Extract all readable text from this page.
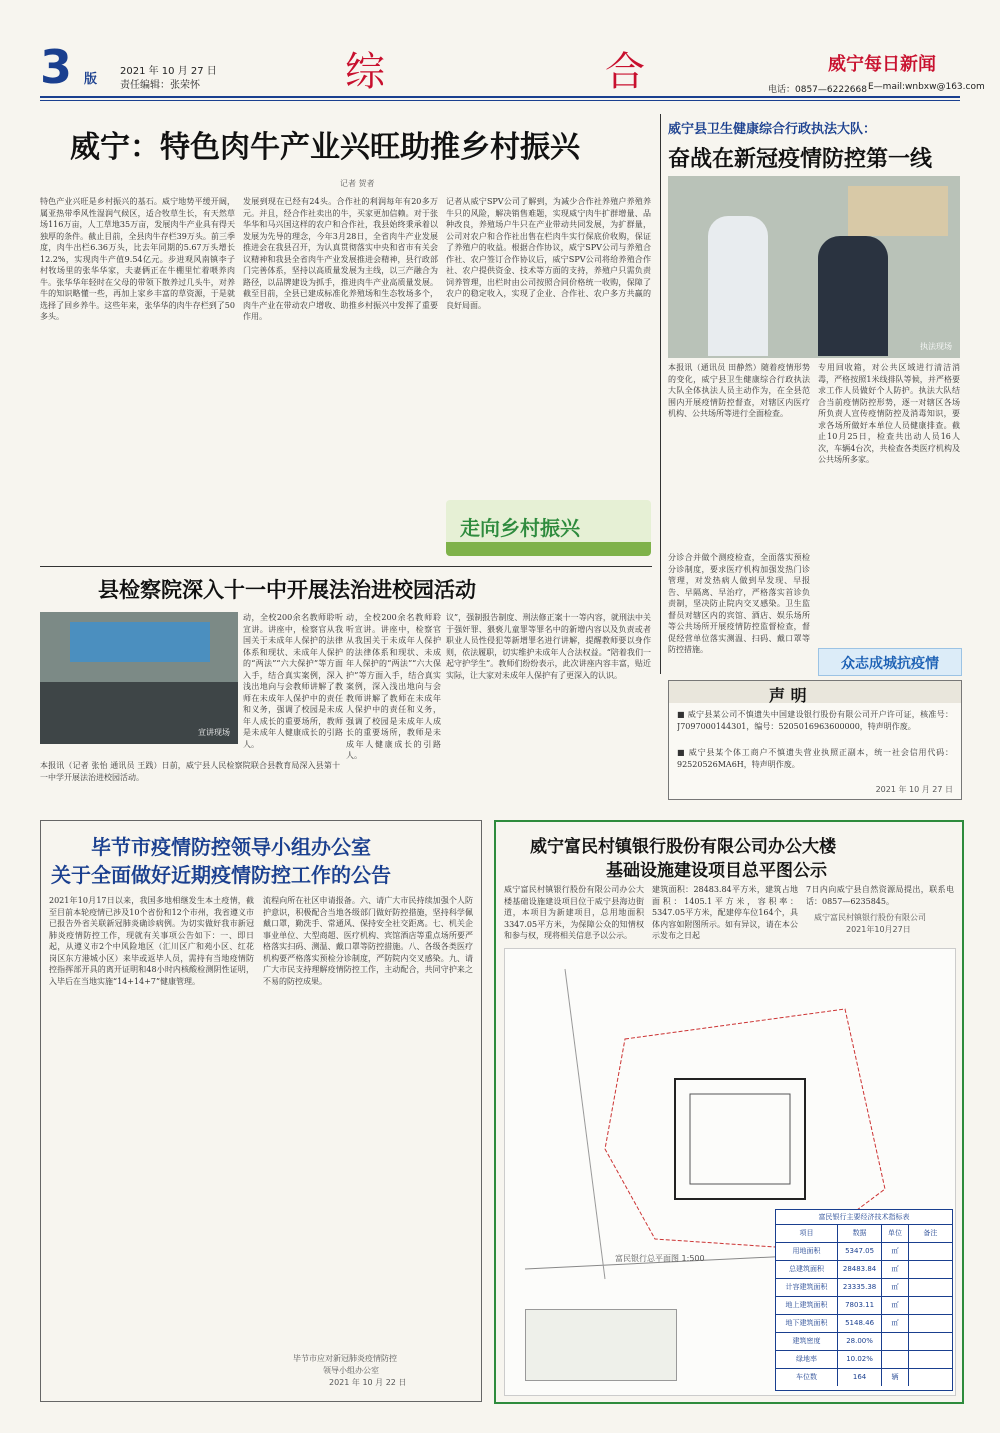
3 版
2021 年 10 月 27 日
责任编辑：张荣怀	综	合	威宁每日新闻
电话：0857—6222668 E—mail:wnbxw@163.com
威宁：特色肉牛产业兴旺助推乡村振兴
记者 贺者
特色产业兴旺是乡村振兴的基石。威宁地势平缓开阔，属亚热带季风性湿润气候区，适合牧草生长，有天然草场116万亩，人工草地35万亩，发展肉牛产业具有得天独厚的条件。截止目前，全县肉牛存栏39万头。前三季度，肉牛出栏6.36万头，比去年同期的5.67万头增长12.2%，实现肉牛产值9.54亿元。步进观风南镇李子村牧场里的张华华家，夫妻俩正在牛棚里忙着喂养肉牛。张华华年轻时在父母的带领下散养过几头牛，对养牛的知识略懂一些，再加上家乡丰富的草资源，于是就选择了回乡养牛。这些年来，张华华的肉牛存栏到了50多头。
发展到现在已经有24头。合作社的利润每年有20多万元。并且，经合作社卖出的牛，买家更加信赖。对于张华华和马兴国这样的农户和合作社，我县始终秉承着以发展为先导的理念，今年3月28日，全省肉牛产业发展推进会在我县召开，为认真贯彻落实中央和省市有关会议精神和我县全省肉牛产业发展推进会精神，县行政部门完善体系，坚持以高质量发展为主线，以三产融合为路径，以品牌建设为抓手，推进肉牛产业高质量发展。截至目前，全县已建成标准化养殖场和生态牧场多个，肉牛产业在带动农户增收、助推乡村振兴中发挥了重要作用。
记者从威宁SPV公司了解到，为减少合作社养殖户养殖养牛只的风险，解决销售难题，实现威宁肉牛扩群增量、品种改良，养殖场户牛只在产业带动共同发展，为扩群量，公司对农户和合作社出售在栏肉牛实行保底价收购，保证了养殖户的收益。根据合作协议，威宁SPV公司与养殖合作社、农户签订合作协议后，威宁SPV公司将给养殖合作社、农户提供资金、技术等方面的支持，养殖户只需负责饲养管理，出栏时由公司按照合同价格统一收购，保障了农户的稳定收入，实现了企业、合作社、农户多方共赢的良好局面。
走向乡村振兴
威宁县卫生健康综合行政执法大队：
奋战在新冠疫情防控第一线
执法现场
本报讯（通讯员 田静然）随着疫情形势的变化，威宁县卫生健康综合行政执法大队全体执法人员主动作为，在全县范围内开展疫情防控督查，对辖区内医疗机构、公共场所等进行全面检查。
分诊合并做个测疫检查，全面落实预检分诊制度，要求医疗机构加强发热门诊管理，对发热病人做到早发现、早报告、早隔离、早治疗，严格落实首诊负责制，坚决防止院内交叉感染。卫生监督员对辖区内的宾馆、酒店、娱乐场所等公共场所开展疫情防控监督检查，督促经营单位落实测温、扫码、戴口罩等防控措施。
专用回收箱，对公共区域进行清洁消毒，严格按照1米线排队等候，并严格要求工作人员做好个人防护。执法大队结合当前疫情防控形势，逐一对辖区各场所负责人宣传疫情防控及消毒知识，要求各场所做好本单位人员健康排查。截止10月25日，检查共出动人员16人次，车辆4台次，共检查各类医疗机构及公共场所多家。
众志成城抗疫情
县检察院深入十一中开展法治进校园活动
宣讲现场
本报讯（记者 张怡 通讯员 王践）日前，威宁县人民检察院联合县教育局深入县第十一中学开展法治进校园活动。
动，全校200余名教师聆听宣讲。讲座中，检察官从我国关于未成年人保护的法律体系和现状、未成年人保护的“两法”“六大保护”等方面入手，结合真实案例，深入浅出地向与会教师讲解了教师在未成年人保护中的责任和义务，强调了校园是未成年人成长的重要场所，教师是未成年人健康成长的引路人。
动，全校200余名教师聆听宣讲。讲座中，检察官从我国关于未成年人保护的法律体系和现状、未成年人保护的“两法”“六大保护”等方面入手，结合真实案例，深入浅出地向与会教师讲解了教师在未成年人保护中的责任和义务，强调了校园是未成年人成长的重要场所，教师是未成年人健康成长的引路人。
议”，强制报告制度、刑法修正案十一等内容，就刑法中关于强奸罪、猥亵儿童罪等罪名中的新增内容以及负责或者职业人员性侵犯等新增罪名进行讲解，提醒教师要以身作则，依法履职，切实维护未成年人合法权益。“陪着我们一起守护学生”。教师们纷纷表示，此次讲座内容丰富，贴近实际，让大家对未成年人保护有了更深入的认识。
声 明
■ 威宁县某公司不慎遗失中国建设银行股份有限公司开户许可证，核准号：J7097000144301，编号：5205016963600000，特声明作废。
■ 威宁县某个体工商户不慎遗失营业执照正副本，统一社会信用代码：92520526MA6H，特声明作废。
2021 年 10 月 27 日
毕节市疫情防控领导小组办公室
关于全面做好近期疫情防控工作的公告
2021年10月17日以来，我国多地相继发生本土疫情，截至目前本轮疫情已涉及10个省份和12个市州，我省遵义市已报告外省关联新冠肺炎确诊病例。为切实做好我市新冠肺炎疫情防控工作，现就有关事项公告如下：一、即日起，从遵义市2个中风险地区（汇川区广和苑小区、红花岗区东方港城小区）来毕或返毕人员，需持有当地疫情防控指挥部开具的离开证明和48小时内核酸检测阴性证明，入毕后在当地实施“14+14+7”健康管理。
流程向所在社区申请报备。六、请广大市民持续加强个人防护意识，积极配合当地各级部门做好防控措施，坚持科学佩戴口罩，勤洗手、常通风、保持安全社交距离。七、机关企事业单位、大型商超、医疗机构、宾馆酒店等重点场所要严格落实扫码、测温、戴口罩等防控措施。八、各级各类医疗机构要严格落实预检分诊制度，严防院内交叉感染。九、请广大市民支持理解疫情防控工作，主动配合，共同守护来之不易的防控成果。
毕节市应对新冠肺炎疫情防控
领导小组办公室
2021 年 10 月 22 日
威宁富民村镇银行股份有限公司办公大楼
基础设施建设项目总平图公示
威宁富民村镇银行股份有限公司办公大楼基础设施建设项目位于威宁县海边街道，本项目为新建项目，总用地面积3347.05平方米，为保障公众的知情权和参与权，现将相关信息予以公示。
建筑面积：28483.84平方米，建筑占地面积：1405.1平方米，容积率：5347.05平方米，配建停车位164个，具体内容如附图所示。如有异议，请在本公示发布之日起
7日内向威宁县自然资源局提出，联系电话：0857—6235845。
威宁富民村镇银行股份有限公司
2021年10月27日
富民银行总平面图 1:500
富民银行主要经济技术指标表
项目	数据	单位	备注
用地面积	5347.05	㎡
总建筑面积	28483.84	㎡
计容建筑面积	23335.38	㎡
地上建筑面积	7803.11	㎡
地下建筑面积	5148.46	㎡
建筑密度	28.00%
绿地率	10.02%
车位数	164	辆
